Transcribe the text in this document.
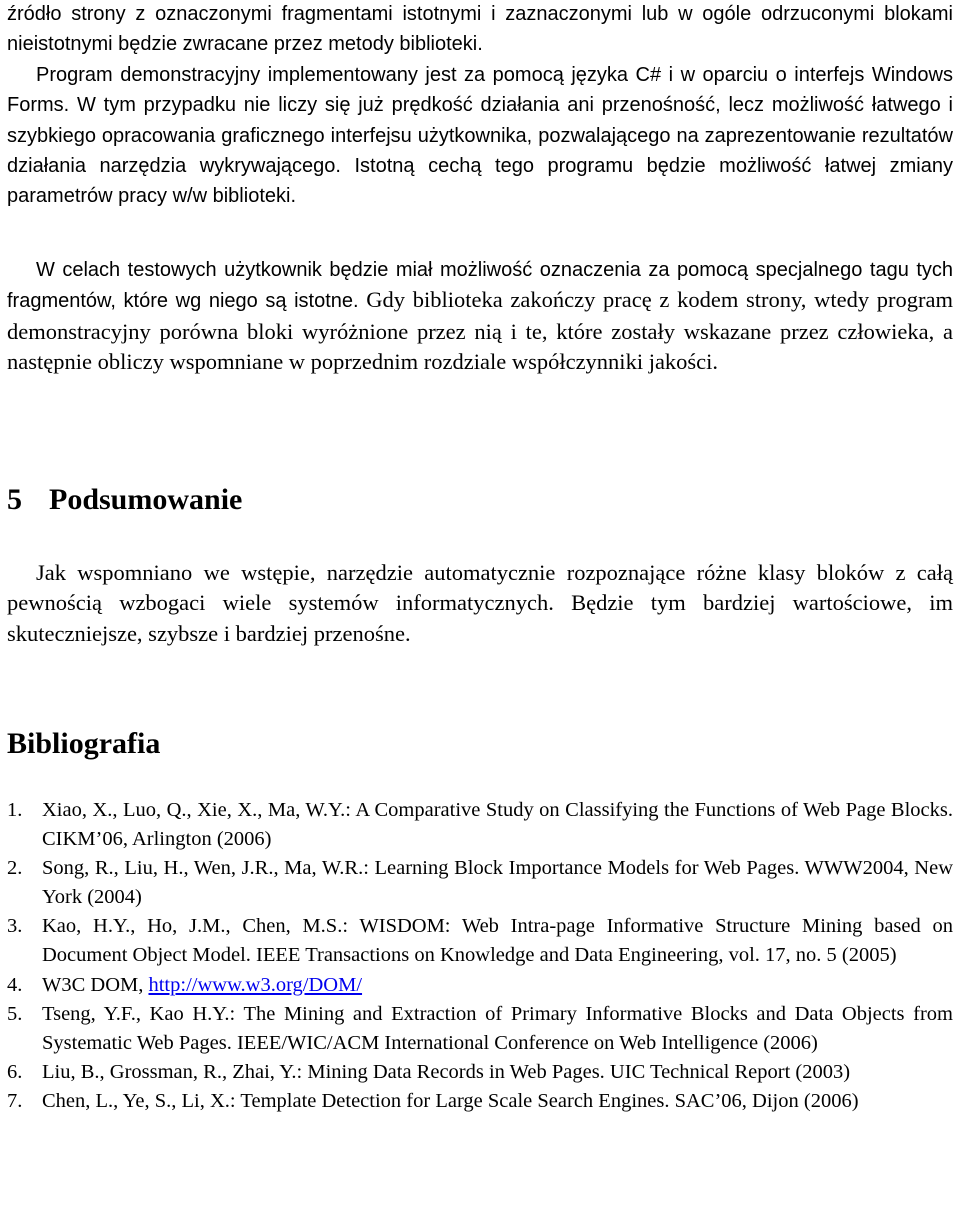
źródło strony z oznaczonymi fragmentami istotnymi i zaznaczonymi lub w ogóle odrzuconymi blokami nieistotnymi będzie zwracane przez metody biblioteki.

Program demonstracyjny implementowany jest za pomocą języka C# i w oparciu o interfejs Windows Forms. W tym przypadku nie liczy się już prędkość działania ani przenośność, lecz możliwość łatwego i szybkiego opracowania graficznego interfejsu użytkownika, pozwalającego na zaprezentowanie rezultatów działania narzędzia wykrywającego. Istotną cechą tego programu będzie możliwość łatwej zmiany parametrów pracy w/w biblioteki.

W celach testowych użytkownik będzie miał możliwość oznaczenia za pomocą specjalnego tagu tych fragmentów, które wg niego są istotne. Gdy biblioteka zakończy pracę z kodem strony, wtedy program demonstracyjny porówna bloki wyróżnione przez nią i te, które zostały wskazane przez człowieka, a następnie obliczy wspomniane w poprzednim rozdziale współczynniki jakości.

5 Podsumowanie

Jak wspomniano we wstępie, narzędzie automatycznie rozpoznające różne klasy bloków z całą pewnością wzbogaci wiele systemów informatycznych. Będzie tym bardziej wartościowe, im skuteczniejsze, szybsze i bardziej przenośne.

Bibliografia
1. Xiao, X., Luo, Q., Xie, X., Ma, W.Y.: A Comparative Study on Classifying the Functions of Web Page Blocks. CIKM’06, Arlington (2006)
2. Song, R., Liu, H., Wen, J.R., Ma, W.R.: Learning Block Importance Models for Web Pages. WWW2004, New York (2004)
3. Kao, H.Y., Ho, J.M., Chen, M.S.: WISDOM: Web Intra-page Informative Structure Mining based on Document Object Model. IEEE Transactions on Knowledge and Data Engineering, vol. 17, no. 5 (2005)
4. W3C DOM, http://www.w3.org/DOM/
5. Tseng, Y.F., Kao H.Y.: The Mining and Extraction of Primary Informative Blocks and Data Objects from Systematic Web Pages. IEEE/WIC/ACM International Conference on Web Intelligence (2006)
6. Liu, B., Grossman, R., Zhai, Y.: Mining Data Records in Web Pages. UIC Technical Report (2003)
7. Chen, L., Ye, S., Li, X.: Template Detection for Large Scale Search Engines. SAC’06, Dijon (2006)
